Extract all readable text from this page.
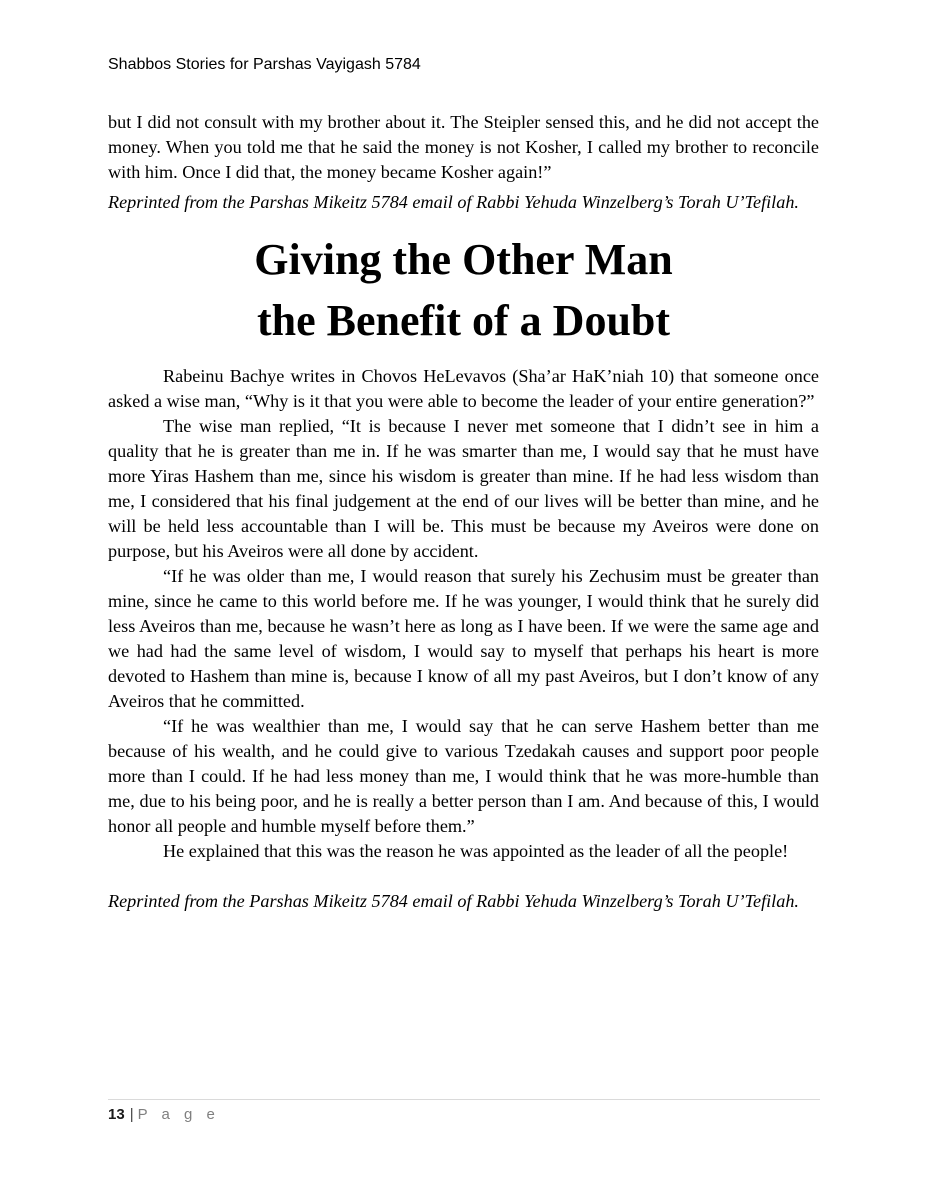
Shabbos Stories for Parshas Vayigash 5784

but I did not consult with my brother about it. The Steipler sensed this, and he did not accept the money. When you told me that he said the money is not Kosher, I called my brother to reconcile with him. Once I did that, the money became Kosher again!”

Reprinted from the Parshas Mikeitz 5784 email of Rabbi Yehuda Winzelberg’s Torah U’Tefilah.

Giving the Other Man
the Benefit of a Doubt

Rabeinu Bachye writes in Chovos HeLevavos (Sha’ar HaK’niah 10) that someone once asked a wise man, “Why is it that you were able to become the leader of your entire generation?”

The wise man replied, “It is because I never met someone that I didn’t see in him a quality that he is greater than me in. If he was smarter than me, I would say that he must have more Yiras Hashem than me, since his wisdom is greater than mine. If he had less wisdom than me, I considered that his final judgement at the end of our lives will be better than mine, and he will be held less accountable than I will be. This must be because my Aveiros were done on purpose, but his Aveiros were all done by accident.

“If he was older than me, I would reason that surely his Zechusim must be greater than mine, since he came to this world before me. If he was younger, I would think that he surely did less Aveiros than me, because he wasn’t here as long as I have been. If we were the same age and we had had the same level of wisdom, I would say to myself that perhaps his heart is more devoted to Hashem than mine is, because I know of all my past Aveiros, but I don’t know of any Aveiros that he committed.

“If he was wealthier than me, I would say that he can serve Hashem better than me because of his wealth, and he could give to various Tzedakah causes and support poor people more than I could. If he had less money than me, I would think that he was more-humble than me, due to his being poor, and he is really a better person than I am. And because of this, I would honor all people and humble myself before them.”

He explained that this was the reason he was appointed as the leader of all the people!

Reprinted from the Parshas Mikeitz 5784 email of Rabbi Yehuda Winzelberg’s Torah U’Tefilah.

13 | P a g e
